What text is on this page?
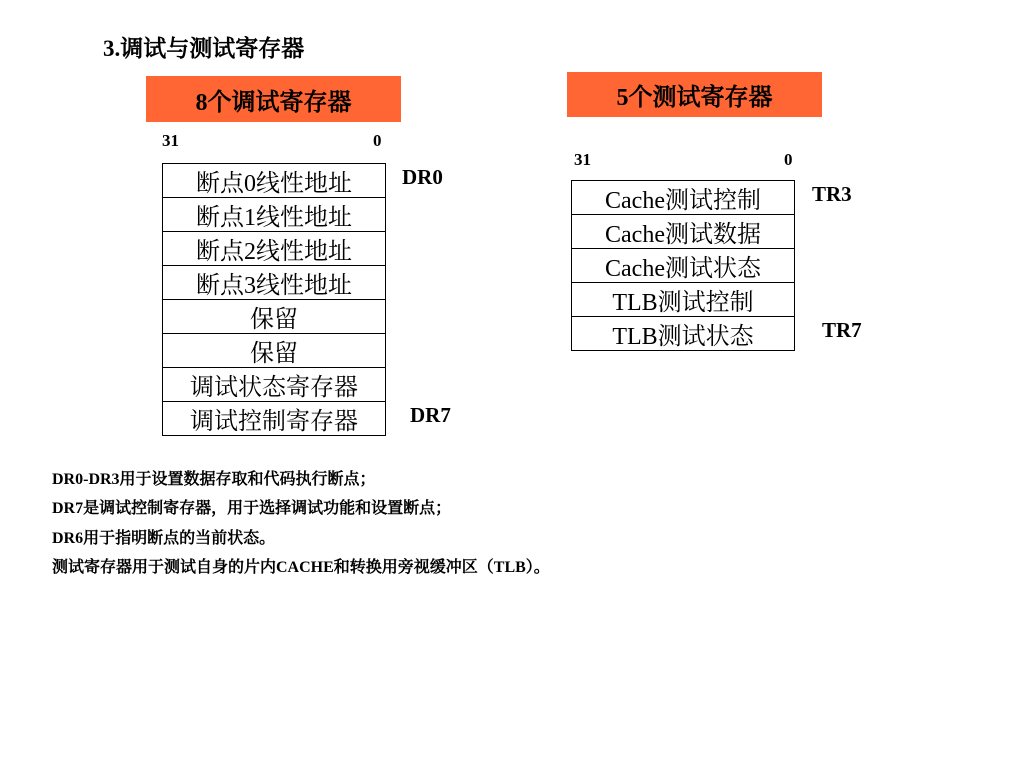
3.调试与测试寄存器
8个调试寄存器
31	0
断点0线性地址
断点1线性地址
断点2线性地址
断点3线性地址
保留
保留
调试状态寄存器
调试控制寄存器
DR0
DR7
5个测试寄存器
31	0
Cache测试控制
Cache测试数据
Cache测试状态
TLB测试控制
TLB测试状态
TR3
TR7
DR0-DR3用于设置数据存取和代码执行断点；
DR7是调试控制寄存器，用于选择调试功能和设置断点；
DR6用于指明断点的当前状态。
测试寄存器用于测试自身的片内CACHE和转换用旁视缓冲区（TLB）。
